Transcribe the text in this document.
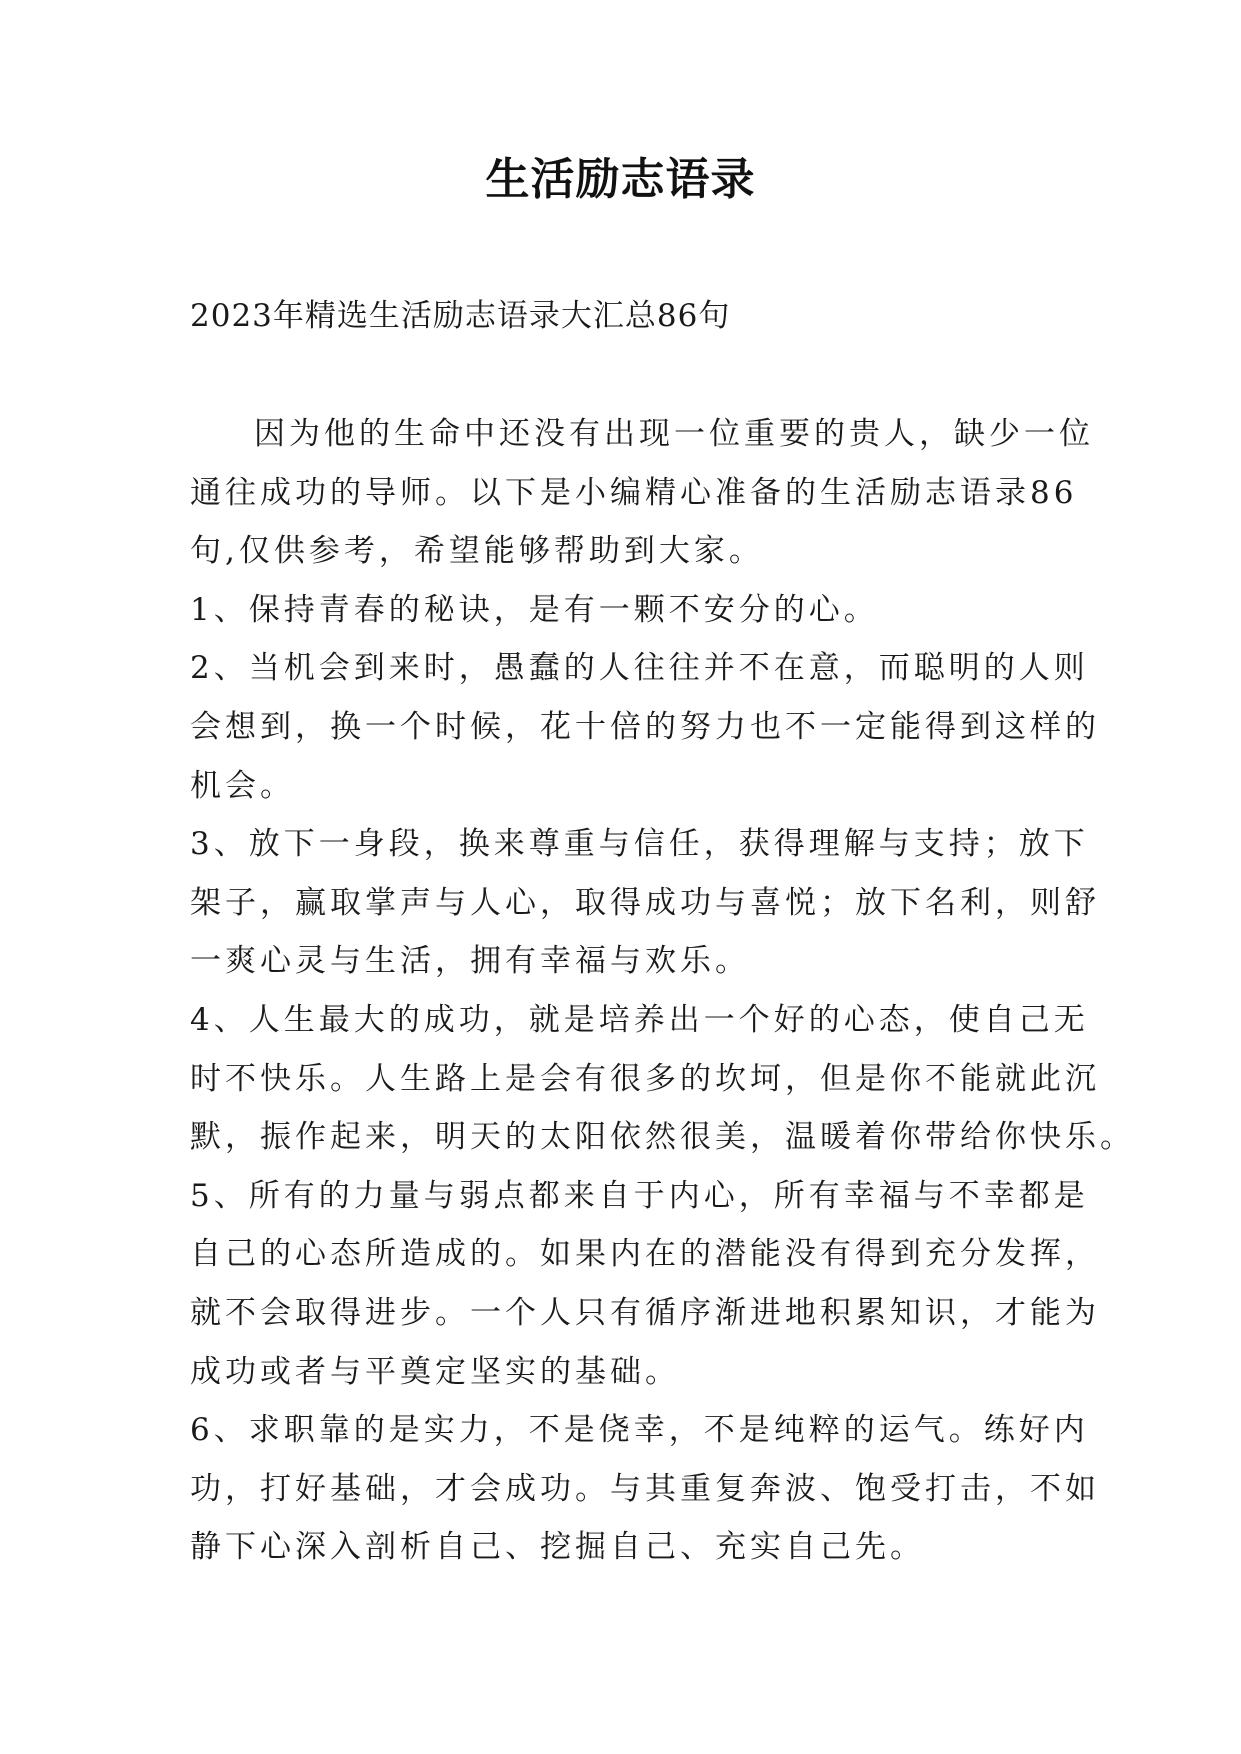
生活励志语录
2023年精选生活励志语录大汇总86句

因为他的生命中还没有出现一位重要的贵人，缺少一位
通往成功的导师。以下是小编精心准备的生活励志语录86
句,仅供参考，希望能够帮助到大家。

1、保持青春的秘诀，是有一颗不安分的心。
2、当机会到来时，愚蠢的人往往并不在意，而聪明的人则
会想到，换一个时候，花十倍的努力也不一定能得到这样的
机会。
3、放下一身段，换来尊重与信任，获得理解与支持；放下
架子，赢取掌声与人心，取得成功与喜悦；放下名利，则舒
一爽心灵与生活，拥有幸福与欢乐。
4、人生最大的成功，就是培养出一个好的心态，使自己无
时不快乐。人生路上是会有很多的坎坷，但是你不能就此沉
默，振作起来，明天的太阳依然很美，温暖着你带给你快乐。
5、所有的力量与弱点都来自于内心，所有幸福与不幸都是
自己的心态所造成的。如果内在的潜能没有得到充分发挥，
就不会取得进步。一个人只有循序渐进地积累知识，才能为
成功或者与平奠定坚实的基础。
6、求职靠的是实力，不是侥幸，不是纯粹的运气。练好内
功，打好基础，才会成功。与其重复奔波、饱受打击，不如
静下心深入剖析自己、挖掘自己、充实自己先。
